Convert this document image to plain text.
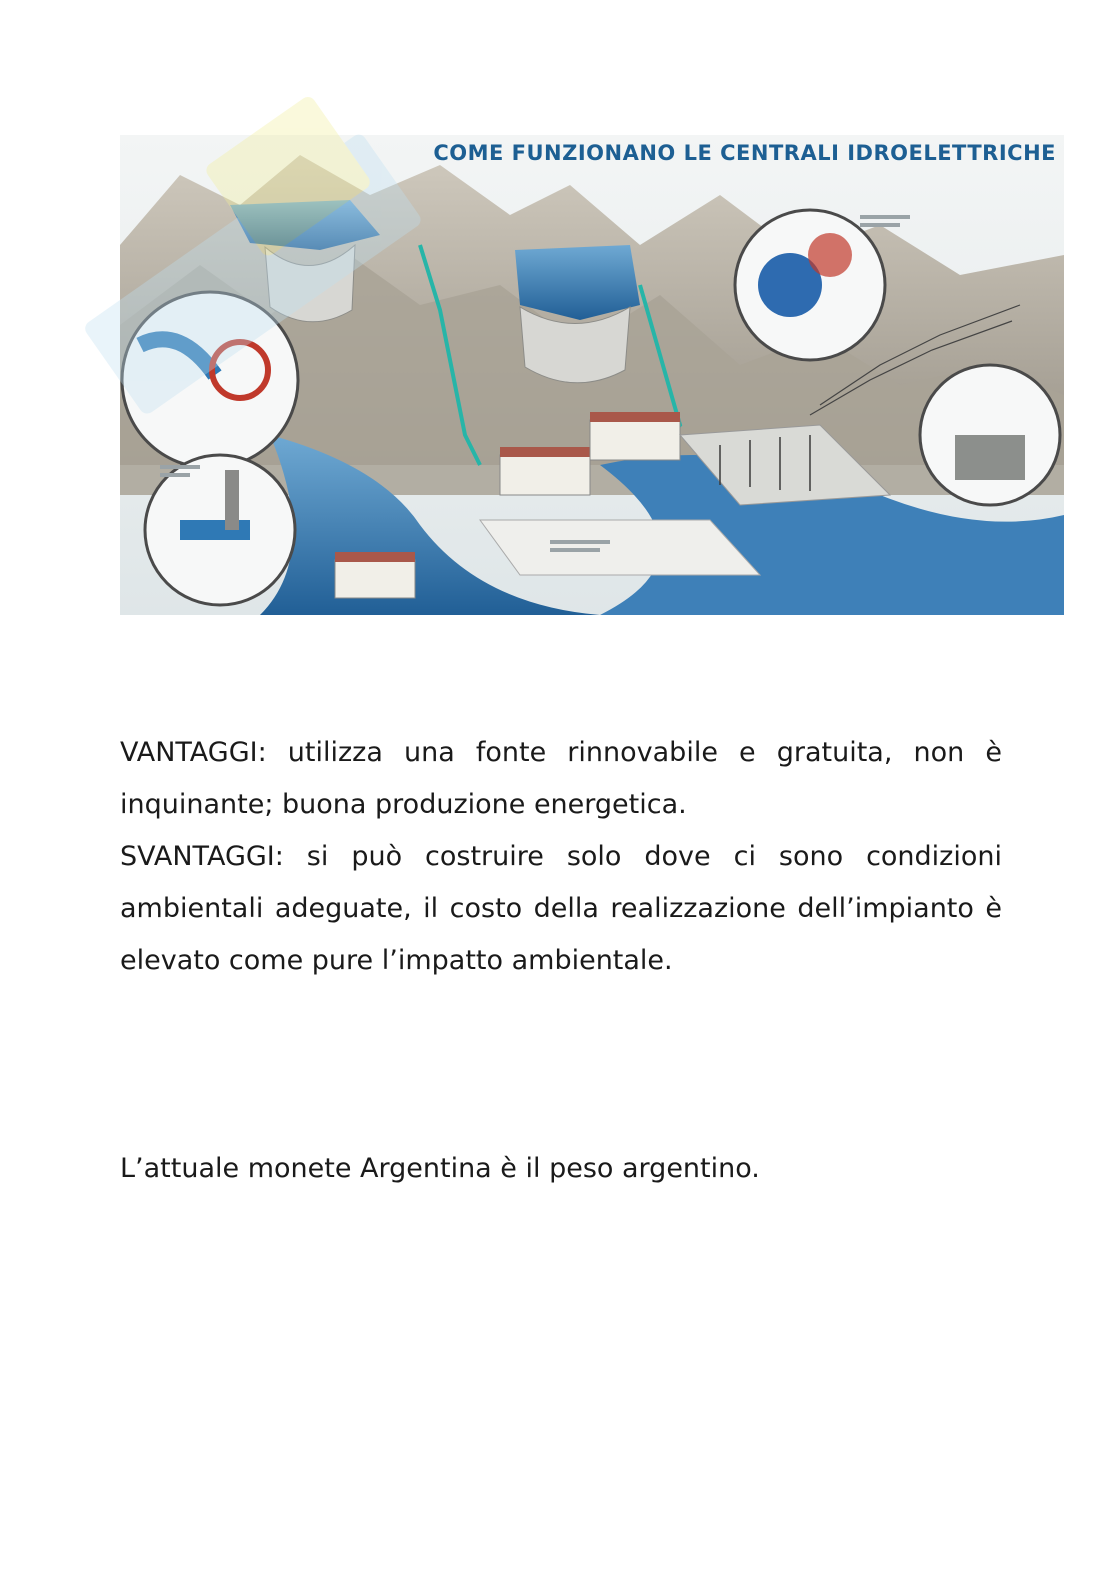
COME FUNZIONANO LE CENTRALI IDROELETTRICHE

VANTAGGI: utilizza una fonte rinnovabile e gratuita, non è inquinante; buona produzione energetica.

SVANTAGGI: si può costruire solo dove ci sono condizioni ambientali adeguate, il costo della realizzazione dell’impianto è elevato come pure l’impatto ambientale.

L’attuale monete Argentina è il peso argentino.
